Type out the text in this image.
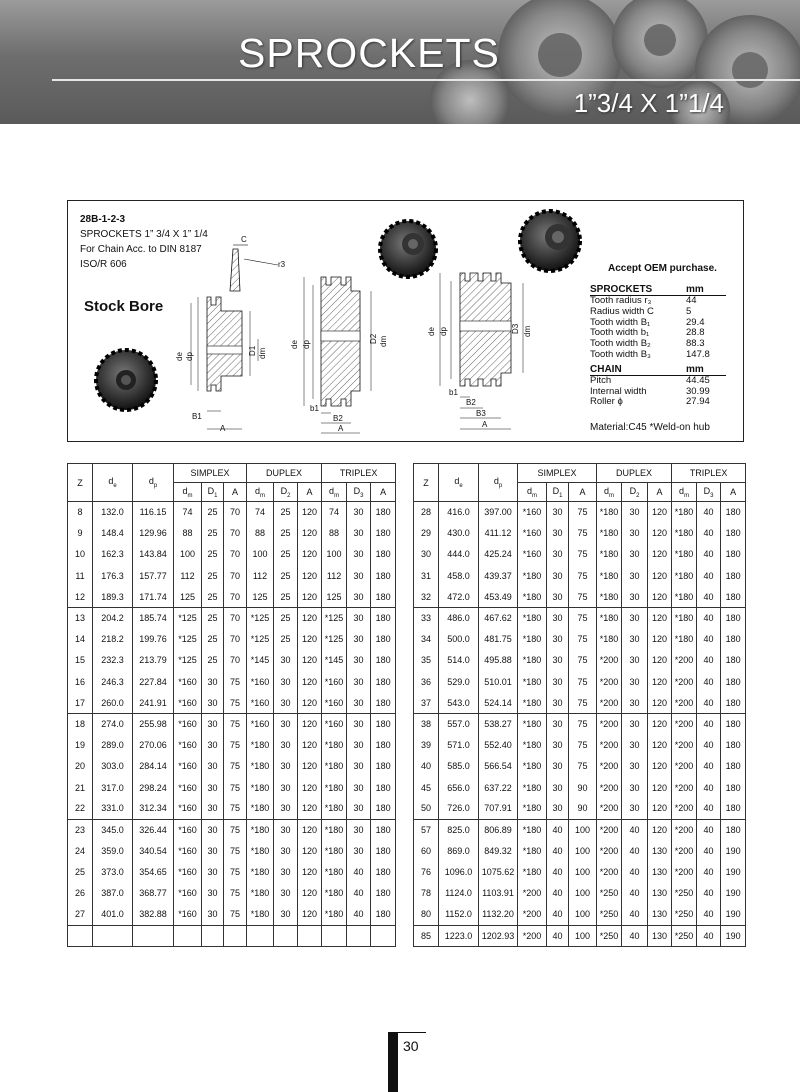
SPROCKETS
1”3/4 X 1”1/4
28B-1-2-3
SPROCKETS 1” 3/4 X 1” 1/4
For Chain Acc. to DIN 8187
ISO/R 606
Stock Bore
C
r3
de dp
D1 dm
B1
A
de dp
D2 dm
b1
B2
A
de dp	D3 dm
b1
B2
B3
A
Accept OEM purchase.
SPROCKETS	mm
Tooth radius r₃	44
Radius width C	5
Tooth width B₁	29.4
Tooth width b₁	28.8
Tooth width B₂	88.3
Tooth width B₃	147.8
CHAIN	mm
Pitch	44.45
Internal width	30.99
Roller ϕ	27.94
Material:C45 *Weld-on hub
Z	$d_e$	$d_p$	SIMPLEX			DUPLEX			TRIPLEX		
			$d_m$	$D_1$	A	$d_m$	$D_2$	A	$d_m$	$D_3$	A
8	132.0	116.15	74	25	70	74	25	120	74	30	180
9	148.4	129.96	88	25	70	88	25	120	88	30	180
10	162.3	143.84	100	25	70	100	25	120	100	30	180
11	176.3	157.77	112	25	70	112	25	120	112	30	180
12	189.3	171.74	125	25	70	125	25	120	125	30	180
13	204.2	185.74	*125	25	70	*125	25	120	*125	30	180
14	218.2	199.76	*125	25	70	*125	25	120	*125	30	180
15	232.3	213.79	*125	25	70	*145	30	120	*145	30	180
16	246.3	227.84	*160	30	75	*160	30	120	*160	30	180
17	260.0	241.91	*160	30	75	*160	30	120	*160	30	180
18	274.0	255.98	*160	30	75	*160	30	120	*160	30	180
19	289.0	270.06	*160	30	75	*180	30	120	*180	30	180
20	303.0	284.14	*160	30	75	*180	30	120	*180	30	180
21	317.0	298.24	*160	30	75	*180	30	120	*180	30	180
22	331.0	312.34	*160	30	75	*180	30	120	*180	30	180
23	345.0	326.44	*160	30	75	*180	30	120	*180	30	180
24	359.0	340.54	*160	30	75	*180	30	120	*180	30	180
25	373.0	354.65	*160	30	75	*180	30	120	*180	40	180
26	387.0	368.77	*160	30	75	*180	30	120	*180	40	180
27	401.0	382.88	*160	30	75	*180	30	120	*180	40	180

Z	$d_e$	$d_p$	SIMPLEX			DUPLEX			TRIPLEX		
			$d_m$	$D_1$	A	$d_m$	$D_2$	A	$d_m$	$D_3$	A
28	416.0	397.00	*160	30	75	*180	30	120	*180	40	180
29	430.0	411.12	*160	30	75	*180	30	120	*180	40	180
30	444.0	425.24	*160	30	75	*180	30	120	*180	40	180
31	458.0	439.37	*180	30	75	*180	30	120	*180	40	180
32	472.0	453.49	*180	30	75	*180	30	120	*180	40	180
33	486.0	467.62	*180	30	75	*180	30	120	*180	40	180
34	500.0	481.75	*180	30	75	*180	30	120	*180	40	180
35	514.0	495.88	*180	30	75	*200	30	120	*200	40	180
36	529.0	510.01	*180	30	75	*200	30	120	*200	40	180
37	543.0	524.14	*180	30	75	*200	30	120	*200	40	180
38	557.0	538.27	*180	30	75	*200	30	120	*200	40	180
39	571.0	552.40	*180	30	75	*200	30	120	*200	40	180
40	585.0	566.54	*180	30	75	*200	30	120	*200	40	180
45	656.0	637.22	*180	30	90	*200	30	120	*200	40	180
50	726.0	707.91	*180	30	90	*200	30	120	*200	40	180
57	825.0	806.89	*180	40	100	*200	40	120	*200	40	180
60	869.0	849.32	*180	40	100	*200	40	130	*200	40	190
76	1096.0	1075.62	*180	40	100	*200	40	130	*200	40	190
78	1124.0	1103.91	*200	40	100	*250	40	130	*250	40	190
80	1152.0	1132.20	*200	40	100	*250	40	130	*250	40	190
85	1223.0	1202.93	*200	40	100	*250	40	130	*250	40	190
30
